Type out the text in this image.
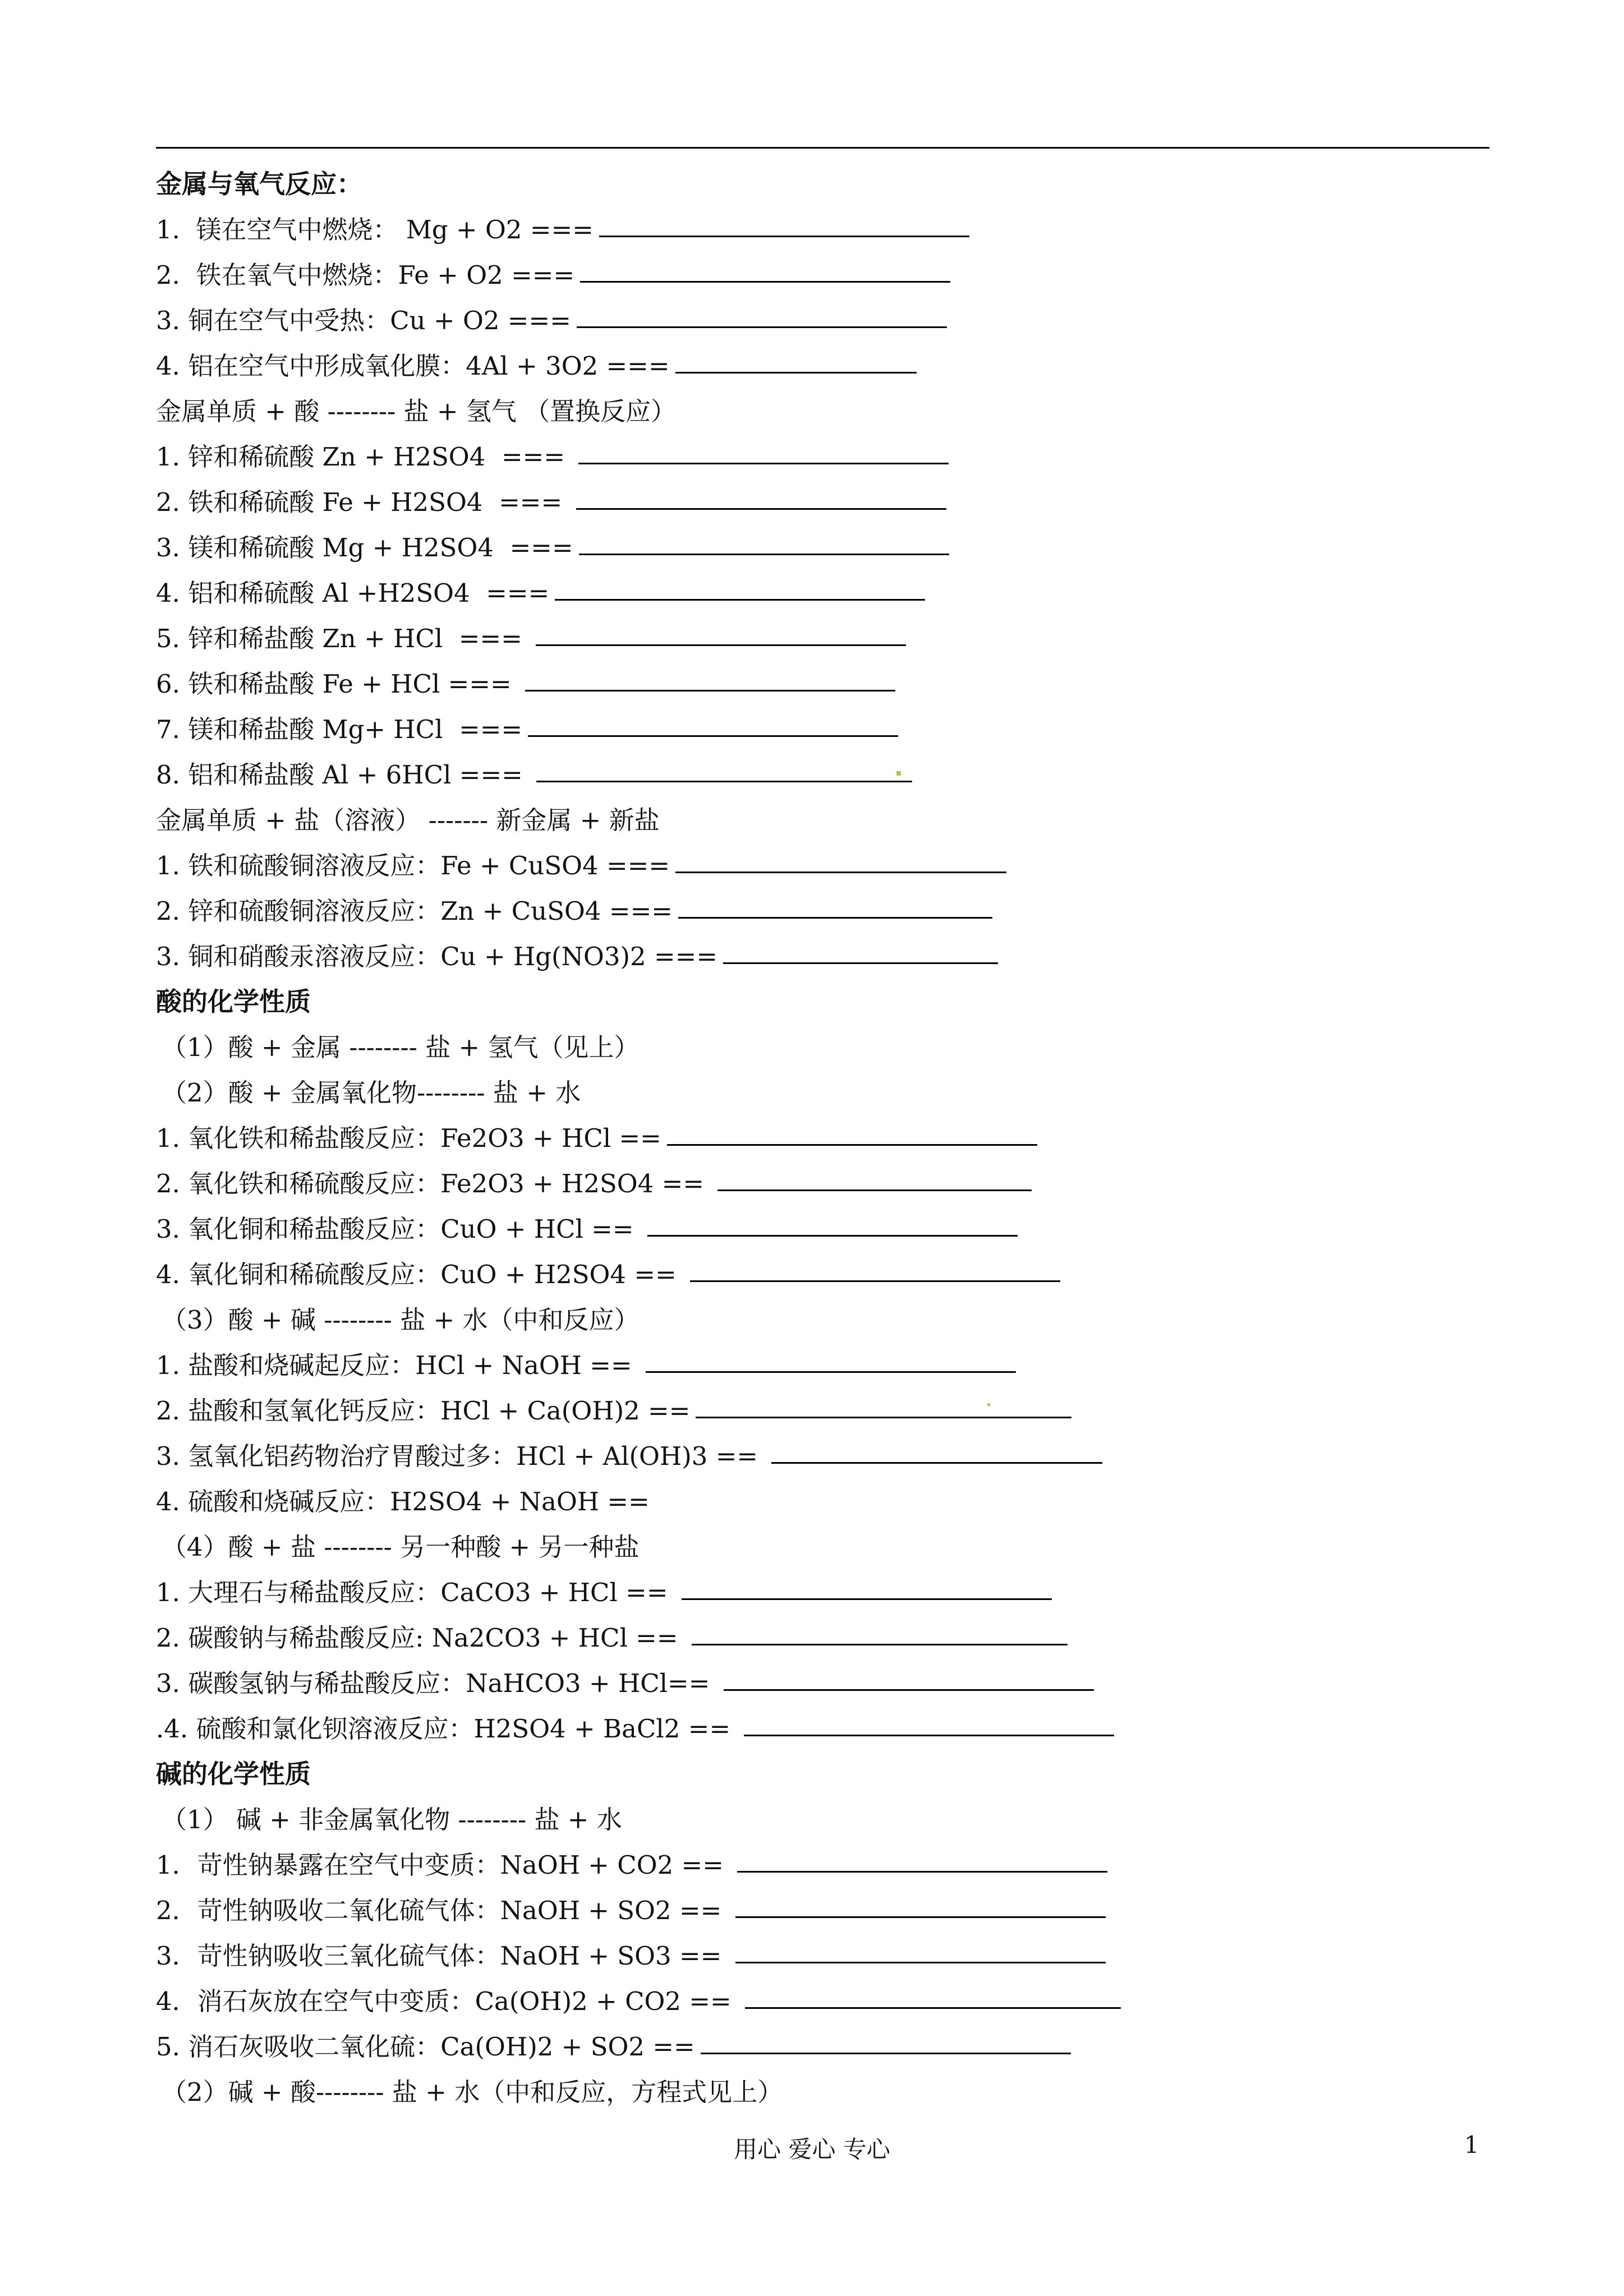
金属与氧气反应：
1.  镁在空气中燃烧： Mg + O2 ===
2.  铁在氧气中燃烧：Fe + O2 ===
3. 铜在空气中受热：Cu + O2 ===
4. 铝在空气中形成氧化膜：4Al + 3O2 ===
金属单质 + 酸 -------- 盐 + 氢气 （置换反应）
1. 锌和稀硫酸 Zn + H2SO4  ===
2. 铁和稀硫酸 Fe + H2SO4  ===
3. 镁和稀硫酸 Mg + H2SO4  ===
4. 铝和稀硫酸 Al +H2SO4  ===
5. 锌和稀盐酸 Zn + HCl  ===
6. 铁和稀盐酸 Fe + HCl ===
7. 镁和稀盐酸 Mg+ HCl  ===
8. 铝和稀盐酸 Al + 6HCl ===
金属单质 + 盐（溶液） ------- 新金属 + 新盐
1. 铁和硫酸铜溶液反应：Fe + CuSO4 ===
2. 锌和硫酸铜溶液反应：Zn + CuSO4 ===
3. 铜和硝酸汞溶液反应：Cu + Hg(NO3)2 ===
酸的化学性质
（1）酸 + 金属 -------- 盐 + 氢气（见上）
（2）酸 + 金属氧化物-------- 盐 + 水
1. 氧化铁和稀盐酸反应：Fe2O3 + HCl ==
2. 氧化铁和稀硫酸反应：Fe2O3 + H2SO4 ==
3. 氧化铜和稀盐酸反应：CuO + HCl ==
4. 氧化铜和稀硫酸反应：CuO + H2SO4 ==
（3）酸 + 碱 -------- 盐 + 水（中和反应）
1. 盐酸和烧碱起反应：HCl + NaOH ==
2. 盐酸和氢氧化钙反应：HCl + Ca(OH)2 ==
3. 氢氧化铝药物治疗胃酸过多：HCl + Al(OH)3 ==
4. 硫酸和烧碱反应：H2SO4 + NaOH ==
（4）酸 + 盐 -------- 另一种酸 + 另一种盐
1. 大理石与稀盐酸反应：CaCO3 + HCl ==
2. 碳酸钠与稀盐酸反应: Na2CO3 + HCl ==
3. 碳酸氢钠与稀盐酸反应：NaHCO3 + HCl==
.4. 硫酸和氯化钡溶液反应：H2SO4 + BaCl2 ==
碱的化学性质
（1） 碱 + 非金属氧化物 -------- 盐 + 水
1．苛性钠暴露在空气中变质：NaOH + CO2 ==
2．苛性钠吸收二氧化硫气体：NaOH + SO2 ==
3．苛性钠吸收三氧化硫气体：NaOH + SO3 ==
4．消石灰放在空气中变质：Ca(OH)2 + CO2 ==
5. 消石灰吸收二氧化硫：Ca(OH)2 + SO2 ==
（2）碱 + 酸-------- 盐 + 水（中和反应，方程式见上）
用心 爱心 专心	1
